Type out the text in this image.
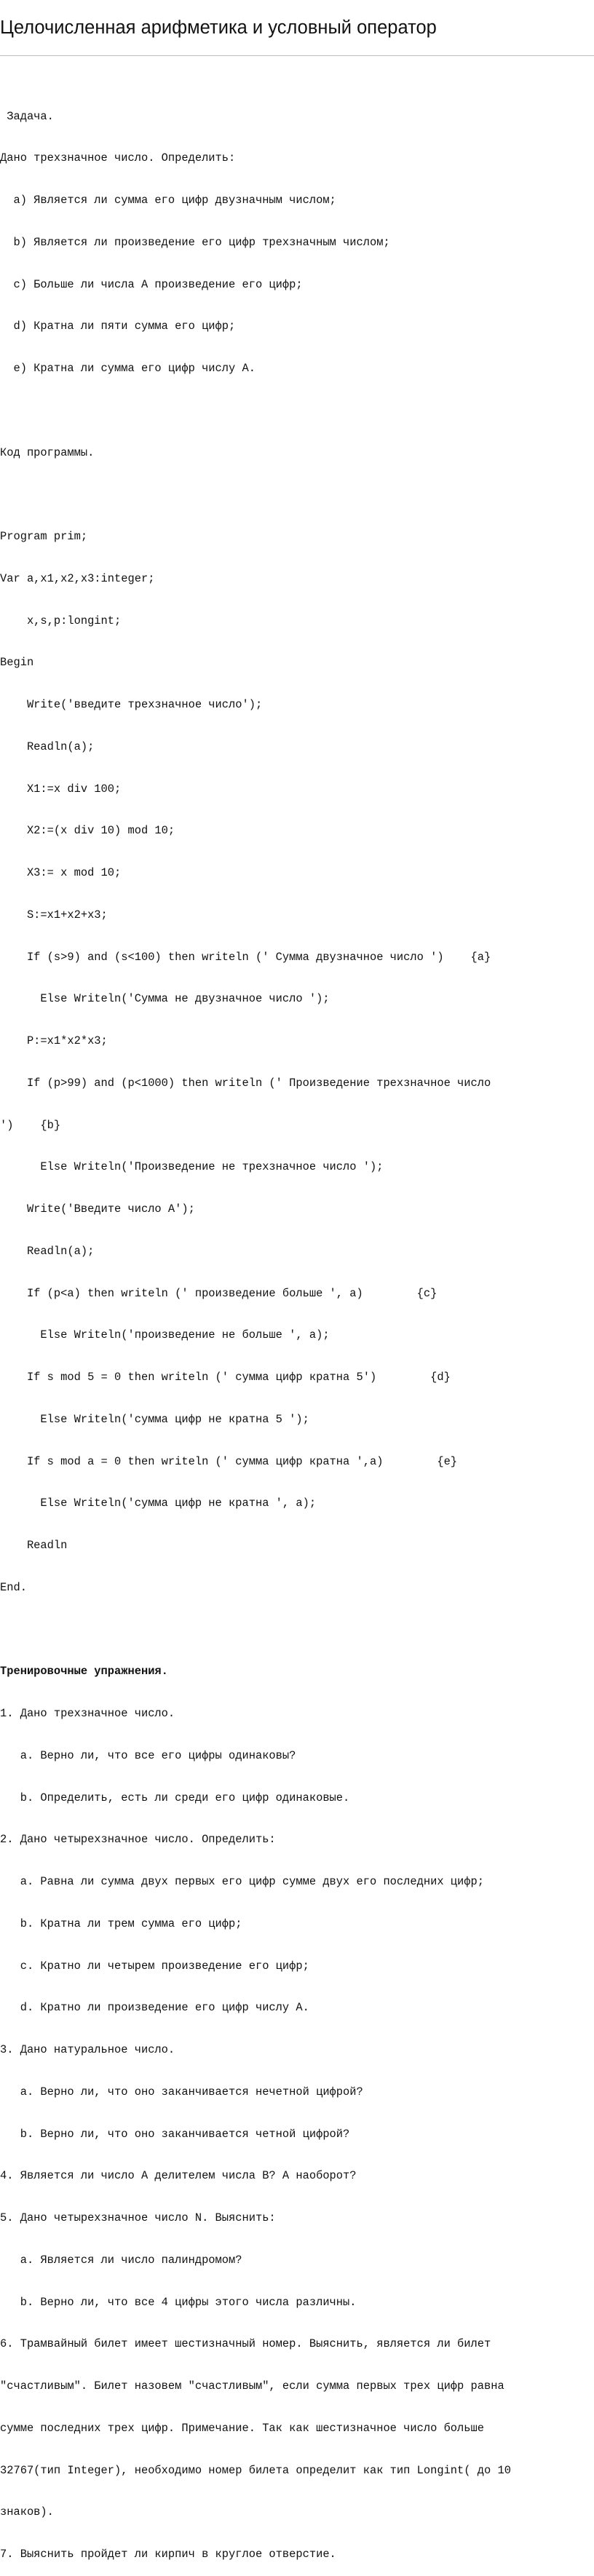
Целочисленная арифметика и условный оператор

Задача.

Дано трехзначное число. Определить:

a) Является ли сумма его цифр двузначным числом;

b) Является ли произведение его цифр трехзначным числом;

c) Больше ли числа А произведение его цифр;

d) Кратна ли пяти сумма его цифр;

e) Кратна ли сумма его цифр числу А.

Код программы.

Program prim;

Var a,x1,x2,x3:integer;

x,s,p:longint;

Begin

Write('введите трехзначное число');

Readln(a);

X1:=x div 100;

X2:=(x div 10) mod 10;

X3:= x mod 10;

S:=x1+x2+x3;

If (s>9) and (s<100) then writeln (' Сумма двузначное число ')    {a}

Else Writeln('Сумма не двузначное число ');

P:=x1*x2*x3;

If (p>99) and (p<1000) then writeln (' Произведение трехзначное число

')    {b}

Else Writeln('Произведение не трехзначное число ');

Write('Введите число A');

Readln(a);

If (p<a) then writeln (' произведение больше ', a)        {c}

Else Writeln('произведение не больше ', a);

If s mod 5 = 0 then writeln (' сумма цифр кратна 5')        {d}

Else Writeln('сумма цифр не кратна 5 ');

If s mod a = 0 then writeln (' сумма цифр кратна ',a)        {e}

Else Writeln('сумма цифр не кратна ', a);

Readln

End.

Тренировочные упражнения.

1. Дано трехзначное число.

a. Верно ли, что все его цифры одинаковы?

b. Определить, есть ли среди его цифр одинаковые.

2. Дано четырехзначное число. Определить:

a. Равна ли сумма двух первых его цифр сумме двух его последних цифр;

b. Кратна ли трем сумма его цифр;

c. Кратно ли четырем произведение его цифр;

d. Кратно ли произведение его цифр числу A.

3. Дано натуральное число.

a. Верно ли, что оно заканчивается нечетной цифрой?

b. Верно ли, что оно заканчивается четной цифрой?

4. Является ли число A делителем числа B? A наоборот?

5. Дано четырехзначное число N. Выяснить:

a. Является ли число палиндромом?

b. Верно ли, что все 4 цифры этого числа различны.

6. Трамвайный билет имеет шестизначный номер. Выяснить, является ли билет

"счастливым". Билет назовем "счастливым", если сумма первых трех цифр равна

сумме последних трех цифр. Примечание. Так как шестизначное число больше

32767(тип Integer), необходимо номер билета определит как тип Longint( до 10

знаков).

7. Выяснить пройдет ли кирпич в круглое отверстие.
